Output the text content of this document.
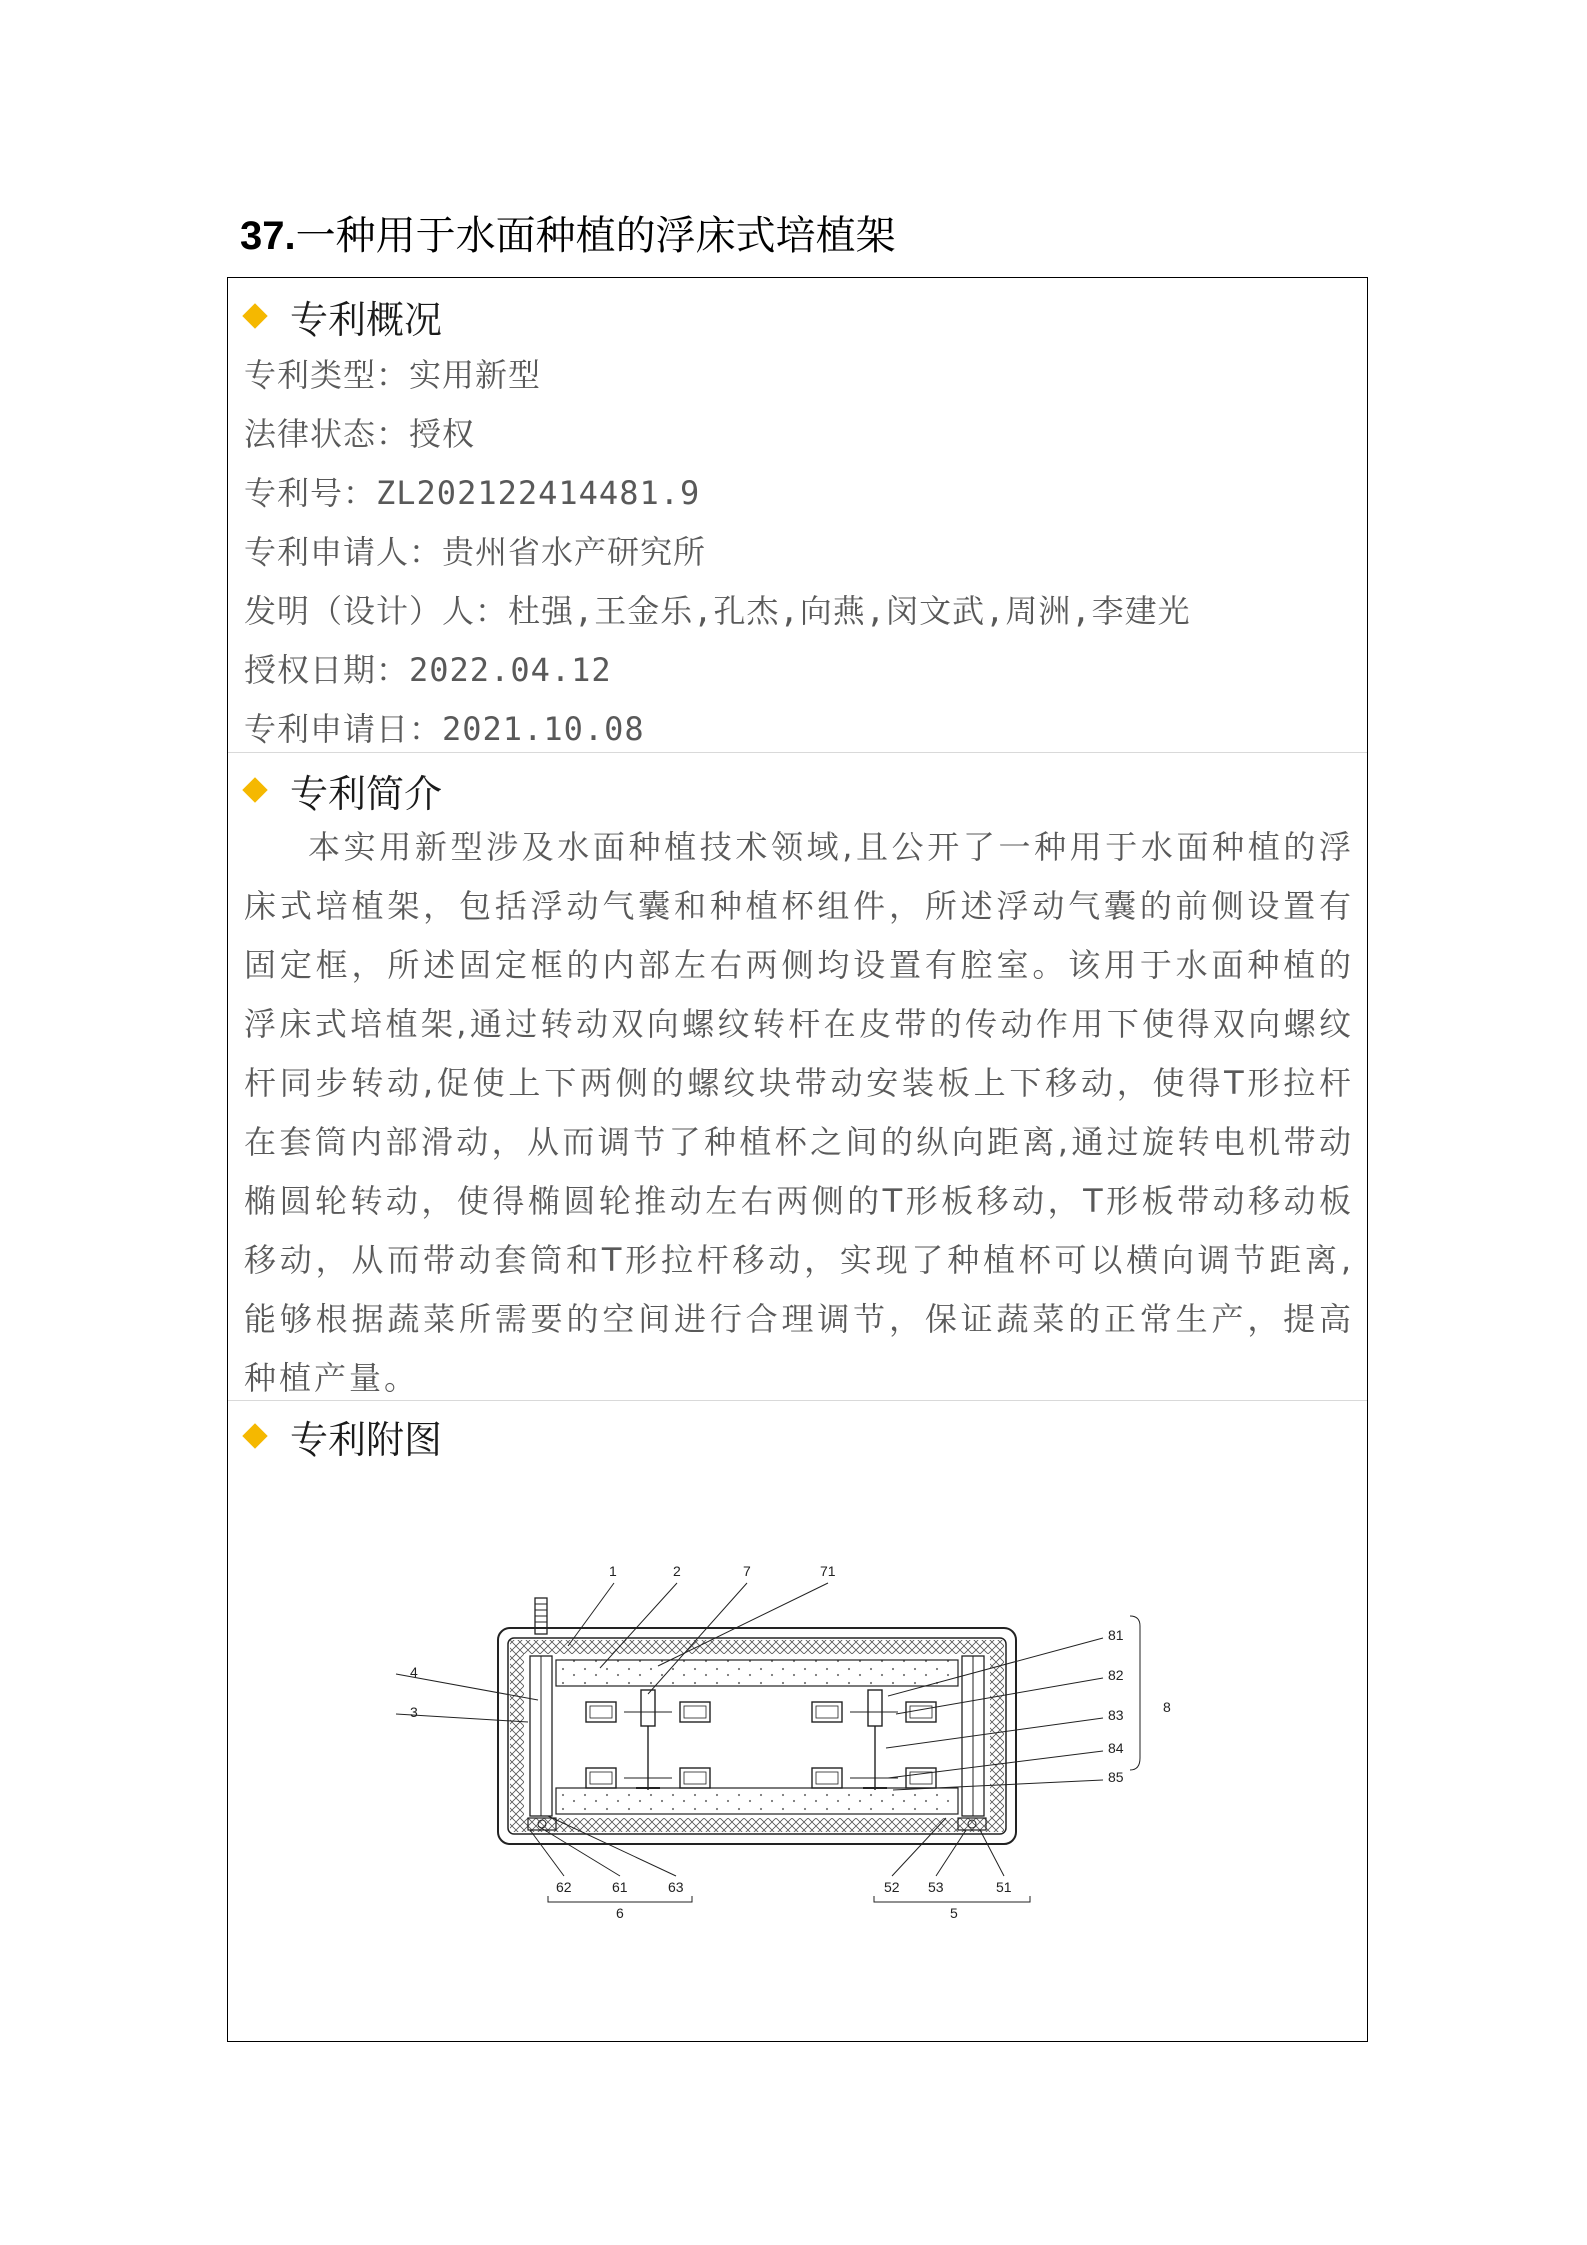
37.一种用于水面种植的浮床式培植架
专利概况
专利类型：实用新型
法律状态：授权
专利号：ZL202122414481.9
专利申请人：贵州省水产研究所
发明（设计）人：杜强,王金乐,孔杰,向燕,闵文武,周洲,李建光
授权日期：2022.04.12
专利申请日：2021.10.08
专利简介

本实用新型涉及水面种植技术领域,且公开了一种用于水面种植的浮床式培植架，包括浮动气囊和种植杯组件，所述浮动气囊的前侧设置有固定框，所述固定框的内部左右两侧均设置有腔室。该用于水面种植的浮床式培植架,通过转动双向螺纹转杆在皮带的传动作用下使得双向螺纹杆同步转动,促使上下两侧的螺纹块带动安装板上下移动，使得T形拉杆在套筒内部滑动，从而调节了种植杯之间的纵向距离,通过旋转电机带动椭圆轮转动，使得椭圆轮推动左右两侧的T形板移动，T形板带动移动板移动，从而带动套筒和T形拉杆移动，实现了种植杯可以横向调节距离,能够根据蔬菜所需要的空间进行合理调节，保证蔬菜的正常生产，提高种植产量。

专利附图
1	2	7	71
4
3
81
82
83
84
85
8
62	61	63
6
52 53	51
5
